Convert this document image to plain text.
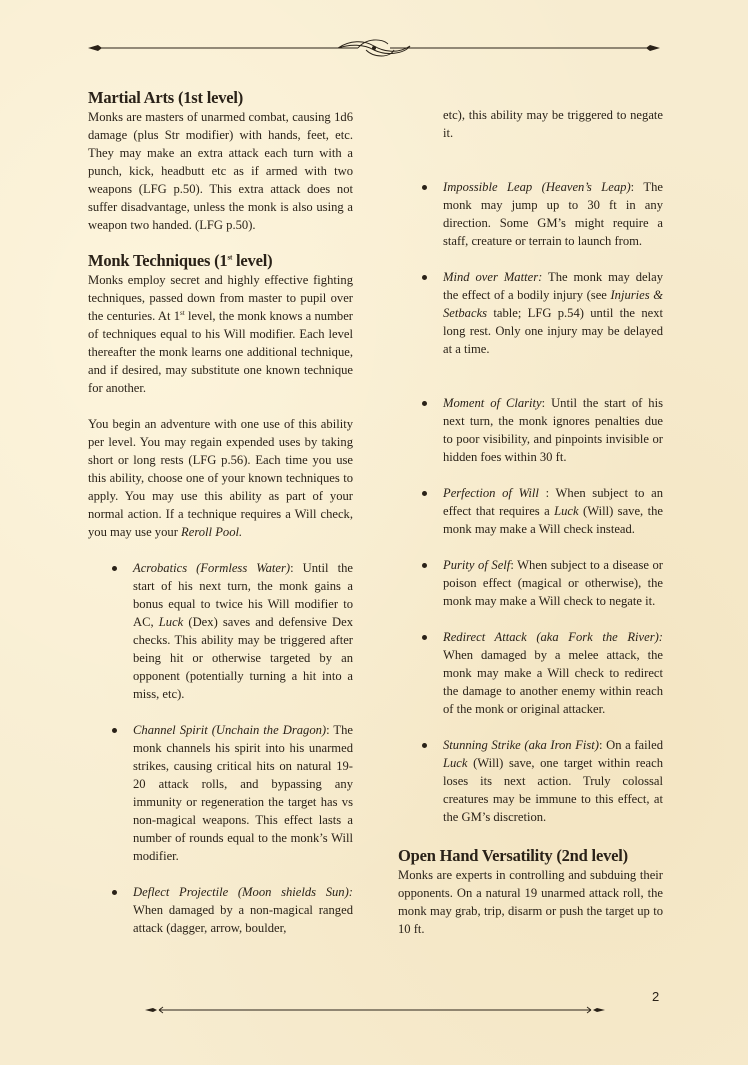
Martial Arts (1st level)

Monks are masters of unarmed combat, causing 1d6 damage (plus Str modifier) with hands, feet, etc. They may make an extra attack each turn with a punch, kick, headbutt etc as if armed with two weapons (LFG p.50). This extra attack does not suffer disadvantage, unless the monk is also using a weapon two handed. (LFG p.50).

Monk Techniques (1st level)

Monks employ secret and highly effective fighting techniques, passed down from master to pupil over the centuries. At 1st level, the monk knows a number of techniques equal to his Will modifier. Each level thereafter the monk learns one additional technique, and if desired, may substitute one known technique for another.

You begin an adventure with one use of this ability per level. You may regain expended uses by taking short or long rests (LFG p.56). Each time you use this ability, choose one of your known techniques to apply. You may use this ability as part of your normal action. If a technique requires a Will check, you may use your Reroll Pool.

Acrobatics (Formless Water): Until the start of his next turn, the monk gains a bonus equal to twice his Will modifier to AC, Luck (Dex) saves and defensive Dex checks. This ability may be triggered after being hit or otherwise targeted by an opponent (potentially turning a hit into a miss, etc).
Channel Spirit (Unchain the Dragon): The monk channels his spirit into his unarmed strikes, causing critical hits on natural 19-20 attack rolls, and bypassing any immunity or regeneration the target has vs non-magical weapons. This effect lasts a number of rounds equal to the monk’s Will modifier.
Deflect Projectile (Moon shields Sun): When damaged by a non-magical ranged attack (dagger, arrow, boulder,

etc), this ability may be triggered to negate it.

Impossible Leap (Heaven’s Leap): The monk may jump up to 30 ft in any direction. Some GM’s might require a staff, creature or terrain to launch from.
Mind over Matter: The monk may delay the effect of a bodily injury (see Injuries & Setbacks table; LFG p.54) until the next long rest. Only one injury may be delayed at a time.
Moment of Clarity: Until the start of his next turn, the monk ignores penalties due to poor visibility, and pinpoints invisible or hidden foes within 30 ft.
Perfection of Will : When subject to an effect that requires a Luck (Will) save, the monk may make a Will check instead.
Purity of Self: When subject to a disease or poison effect (magical or otherwise), the monk may make a Will check to negate it.
Redirect Attack (aka Fork the River): When damaged by a melee attack, the monk may make a Will check to redirect the damage to another enemy within reach of the monk or original attacker.
Stunning Strike (aka Iron Fist): On a failed Luck (Will) save, one target within reach loses its next action. Truly colossal creatures may be immune to this effect, at the GM’s discretion.
Open Hand Versatility (2nd level)

Monks are experts in controlling and subduing their opponents. On a natural 19 unarmed attack roll, the monk may grab, trip, disarm or push the target up to 10 ft.

2
